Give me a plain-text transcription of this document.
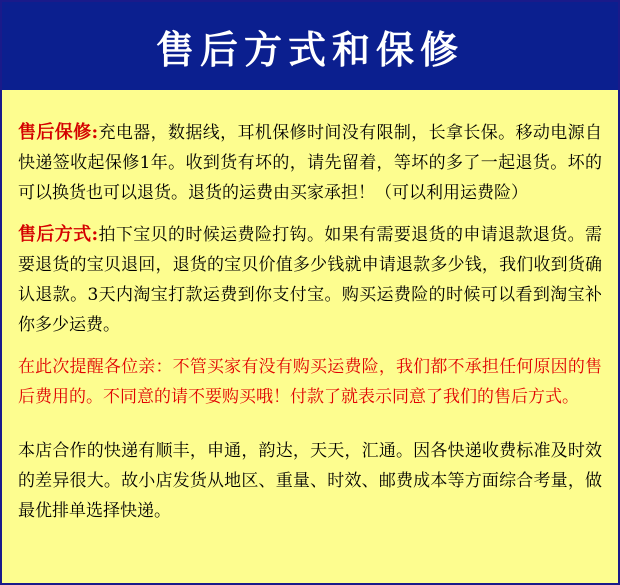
售后方式和保修

售后保修:充电器，数据线，耳机保修时间没有限制，长拿长保。移动电源自快递签收起保修1年。收到货有坏的，请先留着，等坏的多了一起退货。坏的可以换货也可以退货。退货的运费由买家承担！（可以利用运费险）

售后方式:拍下宝贝的时候运费险打钩。如果有需要退货的申请退款退货。需要退货的宝贝退回，退货的宝贝价值多少钱就申请退款多少钱，我们收到货确认退款。3天内淘宝打款运费到你支付宝。购买运费险的时候可以看到淘宝补你多少运费。

在此次提醒各位亲：不管买家有没有购买运费险，我们都不承担任何原因的售后费用的。不同意的请不要购买哦！付款了就表示同意了我们的售后方式。

本店合作的快递有顺丰，申通，韵达，天天，汇通。因各快递收费标准及时效的差异很大。故小店发货从地区、重量、时效、邮费成本等方面综合考量，做最优排单选择快递。
